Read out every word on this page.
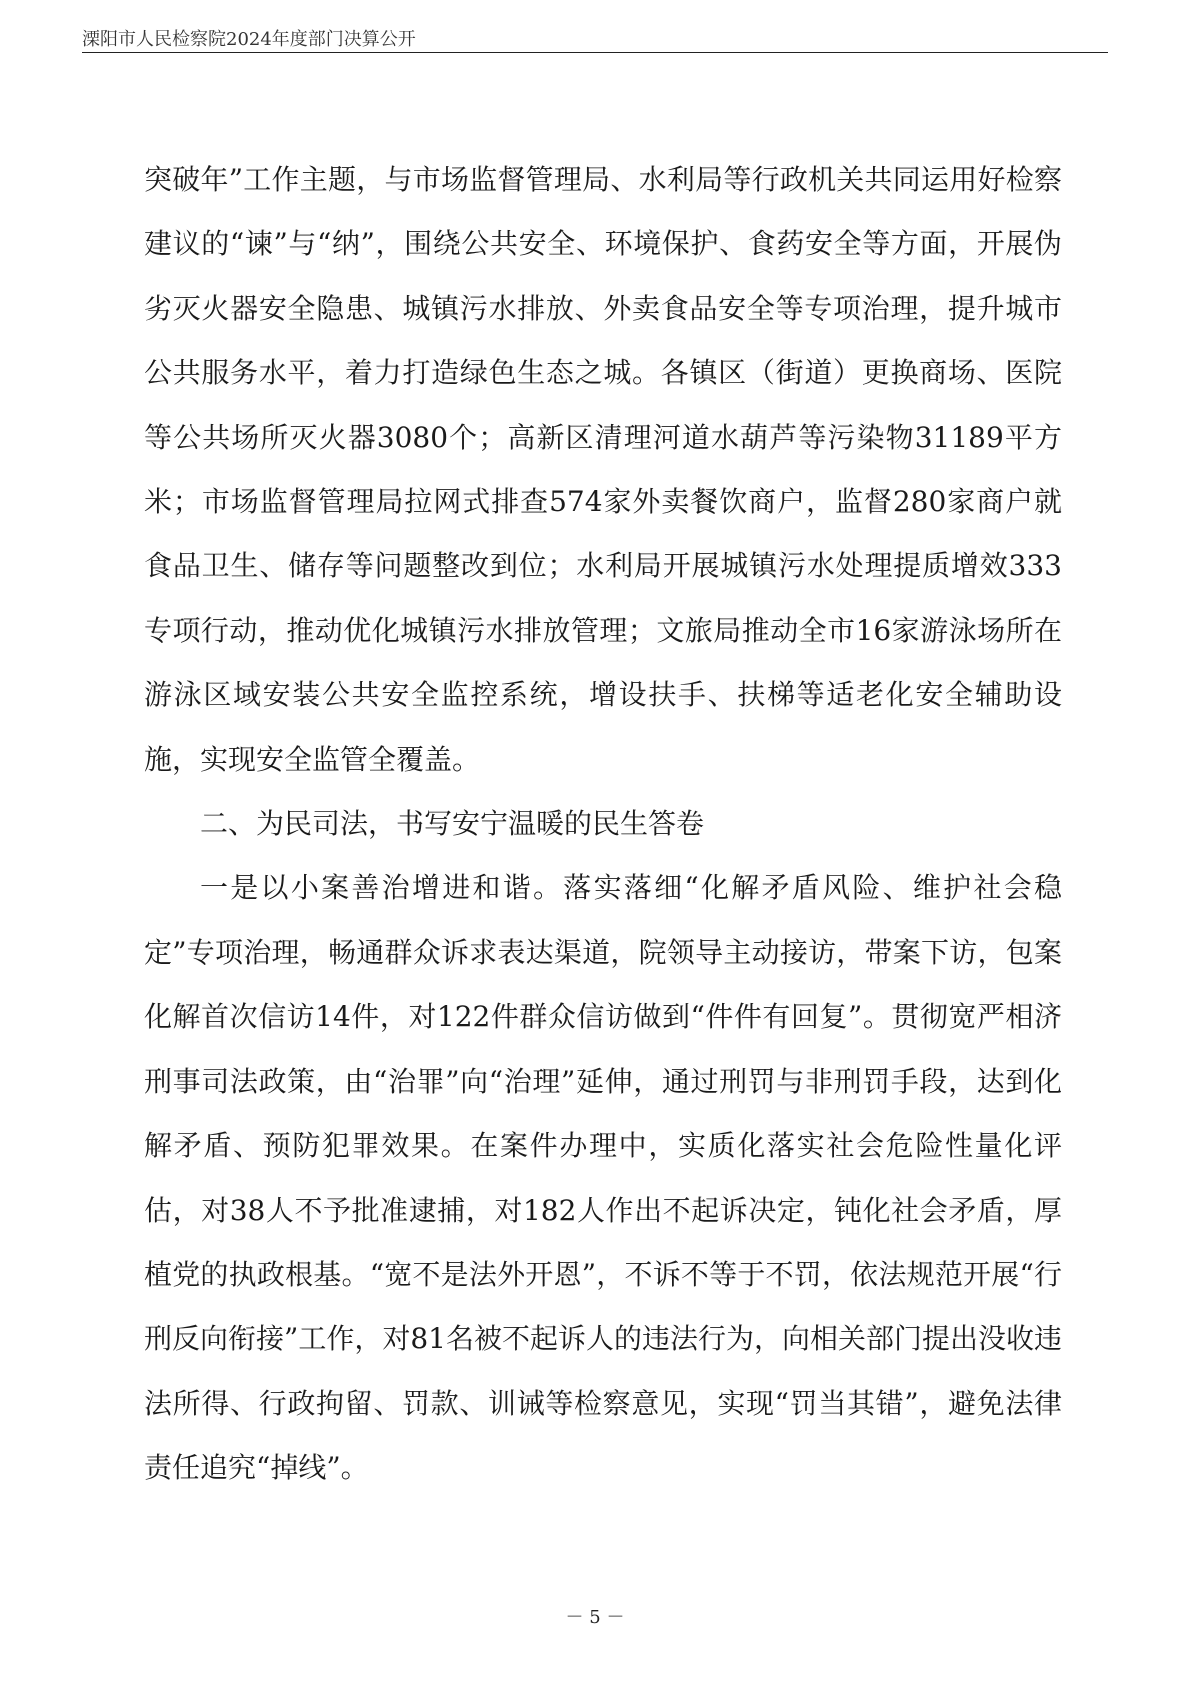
溧阳市人民检察院2024年度部门决算公开

突破年”工作主题，与市场监督管理局、水利局等行政机关共同运用好检察建议的“谏”与“纳”，围绕公共安全、环境保护、食药安全等方面，开展伪劣灭火器安全隐患、城镇污水排放、外卖食品安全等专项治理，提升城市公共服务水平，着力打造绿色生态之城。各镇区（街道）更换商场、医院等公共场所灭火器3080个；高新区清理河道水葫芦等污染物31189平方米；市场监督管理局拉网式排查574家外卖餐饮商户，监督280家商户就食品卫生、储存等问题整改到位；水利局开展城镇污水处理提质增效333专项行动，推动优化城镇污水排放管理；文旅局推动全市16家游泳场所在游泳区域安装公共安全监控系统，增设扶手、扶梯等适老化安全辅助设施，实现安全监管全覆盖。

二、为民司法，书写安宁温暖的民生答卷

一是以小案善治增进和谐。落实落细“化解矛盾风险、维护社会稳定”专项治理，畅通群众诉求表达渠道，院领导主动接访，带案下访，包案化解首次信访14件，对122件群众信访做到“件件有回复”。贯彻宽严相济刑事司法政策，由“治罪”向“治理”延伸，通过刑罚与非刑罚手段，达到化解矛盾、预防犯罪效果。在案件办理中，实质化落实社会危险性量化评估，对38人不予批准逮捕，对182人作出不起诉决定，钝化社会矛盾，厚植党的执政根基。“宽不是法外开恩”，不诉不等于不罚，依法规范开展“行刑反向衔接”工作，对81名被不起诉人的违法行为，向相关部门提出没收违法所得、行政拘留、罚款、训诫等检察意见，实现“罚当其错”，避免法律责任追究“掉线”。

－ 5 －
